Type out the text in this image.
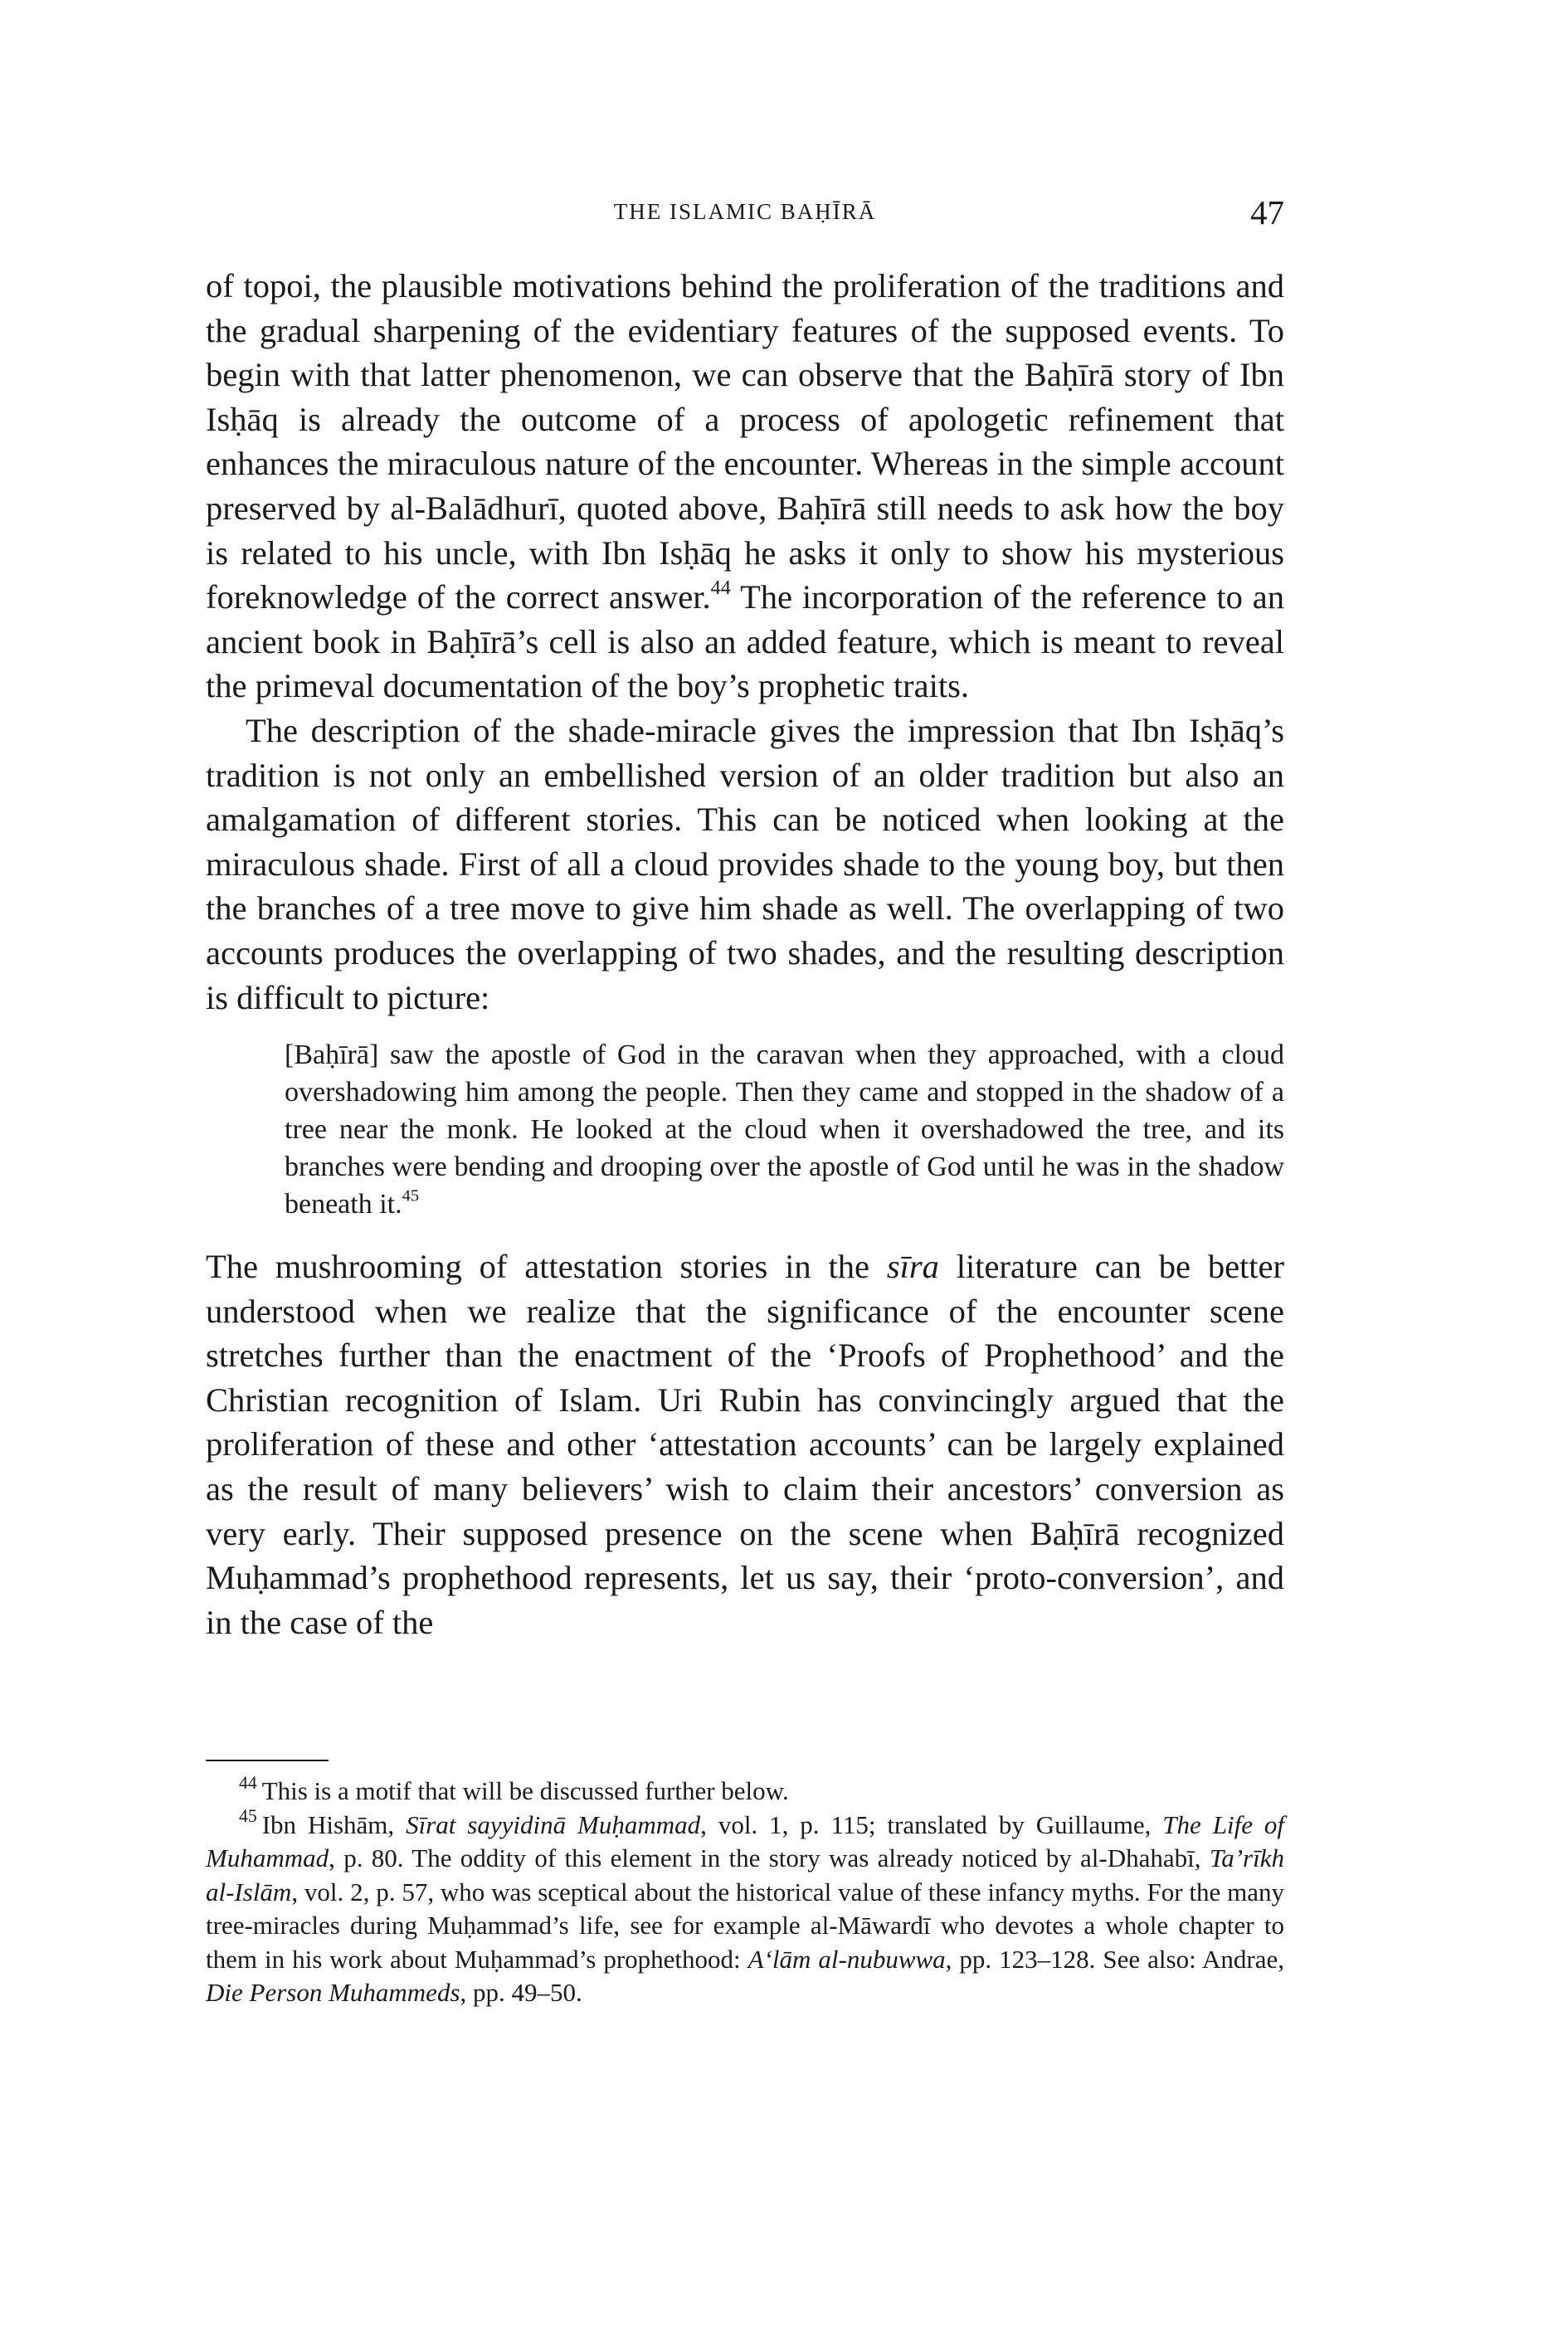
THE ISLAMIC BAḤĪRĀ	47

of topoi, the plausible motivations behind the proliferation of the traditions and the gradual sharpening of the evidentiary features of the supposed events. To begin with that latter phenomenon, we can observe that the Baḥīrā story of Ibn Isḥāq is already the outcome of a process of apologetic refinement that enhances the miraculous nature of the encounter. Whereas in the simple account preserved by al-Balādhurī, quoted above, Baḥīrā still needs to ask how the boy is related to his uncle, with Ibn Isḥāq he asks it only to show his mysterious foreknowledge of the correct answer.$^{44}$ The incorporation of the reference to an ancient book in Baḥīrā’s cell is also an added feature, which is meant to reveal the primeval documentation of the boy’s prophetic traits.

The description of the shade-miracle gives the impression that Ibn Isḥāq’s tradition is not only an embellished version of an older tradition but also an amalgamation of different stories. This can be noticed when looking at the miraculous shade. First of all a cloud provides shade to the young boy, but then the branches of a tree move to give him shade as well. The overlapping of two accounts produces the overlapping of two shades, and the resulting description is difficult to picture:

[Baḥīrā] saw the apostle of God in the caravan when they approached, with a cloud overshadowing him among the people. Then they came and stopped in the shadow of a tree near the monk. He looked at the cloud when it overshadowed the tree, and its branches were bending and drooping over the apostle of God until he was in the shadow beneath it.$^{45}$

The mushrooming of attestation stories in the sīra literature can be better understood when we realize that the significance of the encounter scene stretches further than the enactment of the ‘Proofs of Prophethood’ and the Christian recognition of Islam. Uri Rubin has convincingly argued that the proliferation of these and other ‘attestation accounts’ can be largely explained as the result of many believers’ wish to claim their ancestors’ conversion as very early. Their supposed presence on the scene when Baḥīrā recognized Muḥammad’s prophethood represents, let us say, their ‘proto-conversion’, and in the case of the

$^{44}$ This is a motif that will be discussed further below.

$^{45}$ Ibn Hishām, Sīrat sayyidinā Muḥammad, vol. 1, p. 115; translated by Guillaume, The Life of Muhammad, p. 80. The oddity of this element in the story was already noticed by al-Dhahabī, Ta’rīkh al-Islām, vol. 2, p. 57, who was sceptical about the historical value of these infancy myths. For the many tree-miracles during Muḥammad’s life, see for example al-Māwardī who devotes a whole chapter to them in his work about Muḥammad’s prophethood: A‘lām al-nubuwwa, pp. 123–128. See also: Andrae, Die Person Muhammeds, pp. 49–50.
